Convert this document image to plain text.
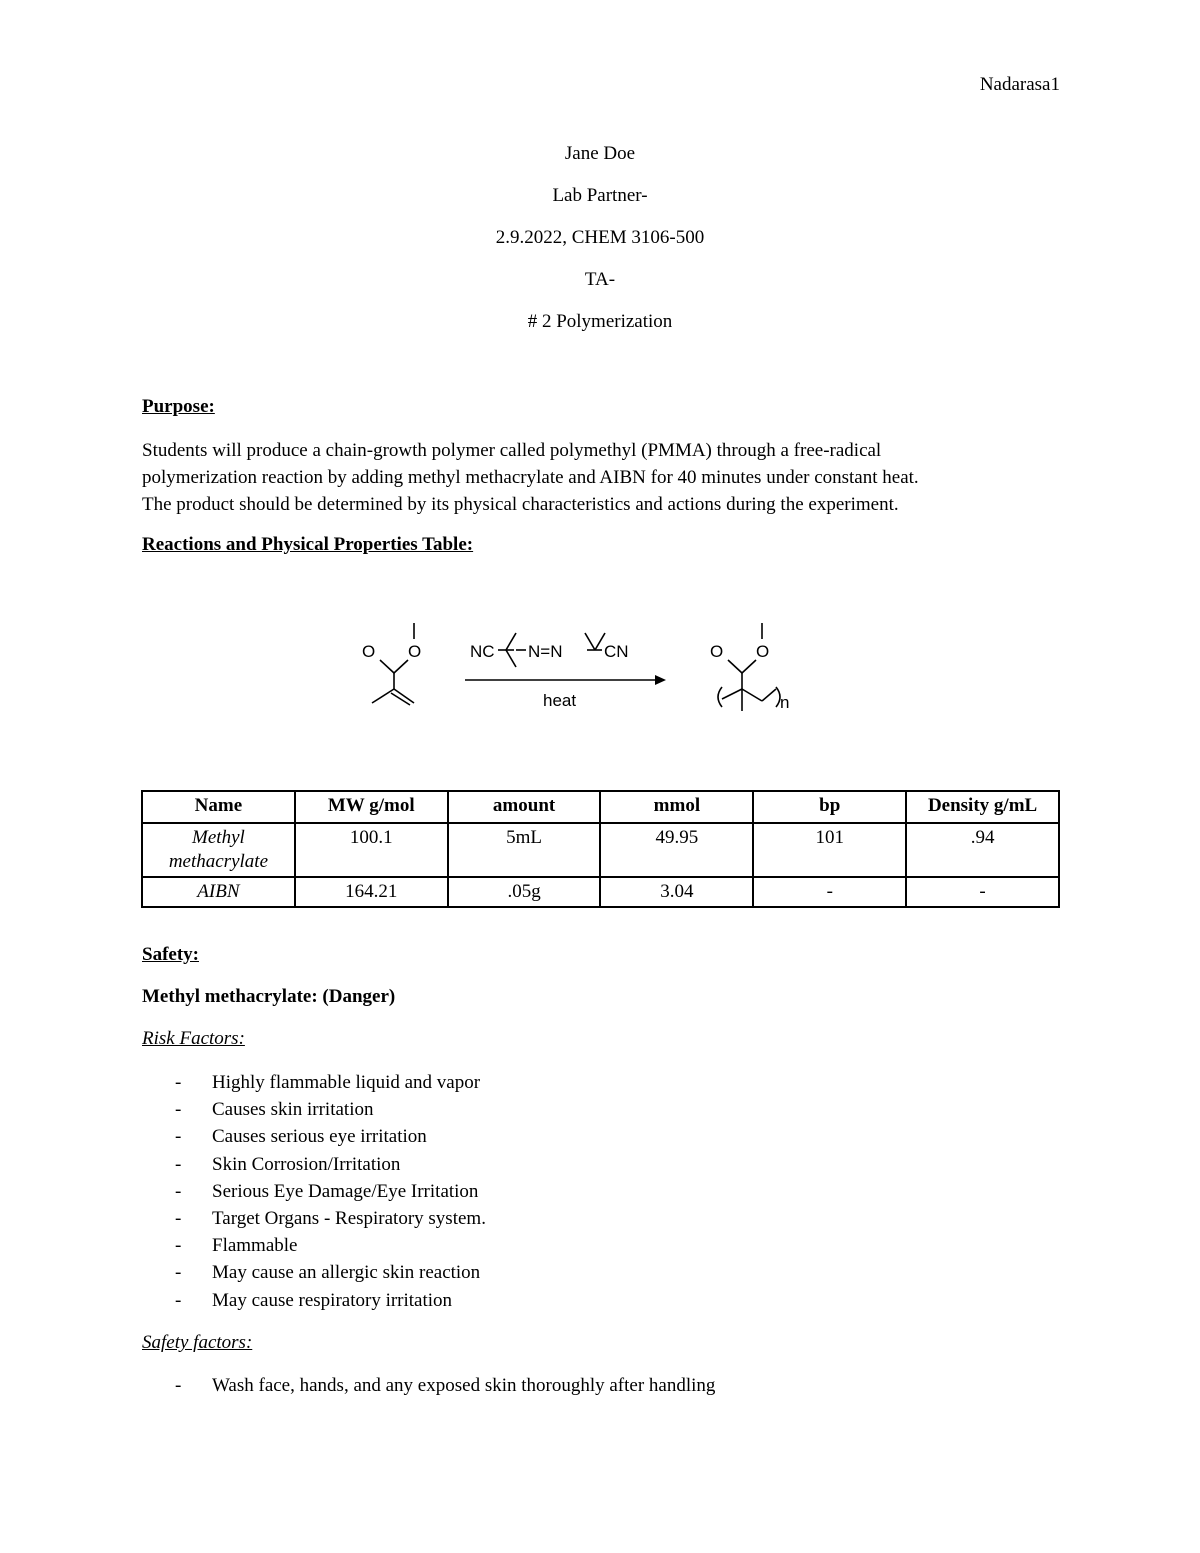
Nadarasa1
Jane Doe
Lab Partner-
2.9.2022, CHEM 3106-500
TA-
# 2 Polymerization
Purpose:
Students will produce a chain-growth polymer called polymethyl (PMMA) through a free-radical
polymerization reaction by adding methyl methacrylate and AIBN for 40 minutes under constant heat.
The product should be determined by its physical characteristics and actions during the experiment.
Reactions and Physical Properties Table:
O O	NC N=N CN
heat
O O
n
Name	MW g/mol	amount	mmol	bp	Density g/mL

Methyl
methacrylate	100.1	5mL	49.95	101	.94
AIBN	164.21	.05g	3.04	-	-
Safety:
Methyl methacrylate: (Danger)
Risk Factors:
- Highly flammable liquid and vapor
- Causes skin irritation
- Causes serious eye irritation
- Skin Corrosion/Irritation
- Serious Eye Damage/Eye Irritation
- Target Organs - Respiratory system.
- Flammable
- May cause an allergic skin reaction
- May cause respiratory irritation
Safety factors:
- Wash face, hands, and any exposed skin thoroughly after handling
